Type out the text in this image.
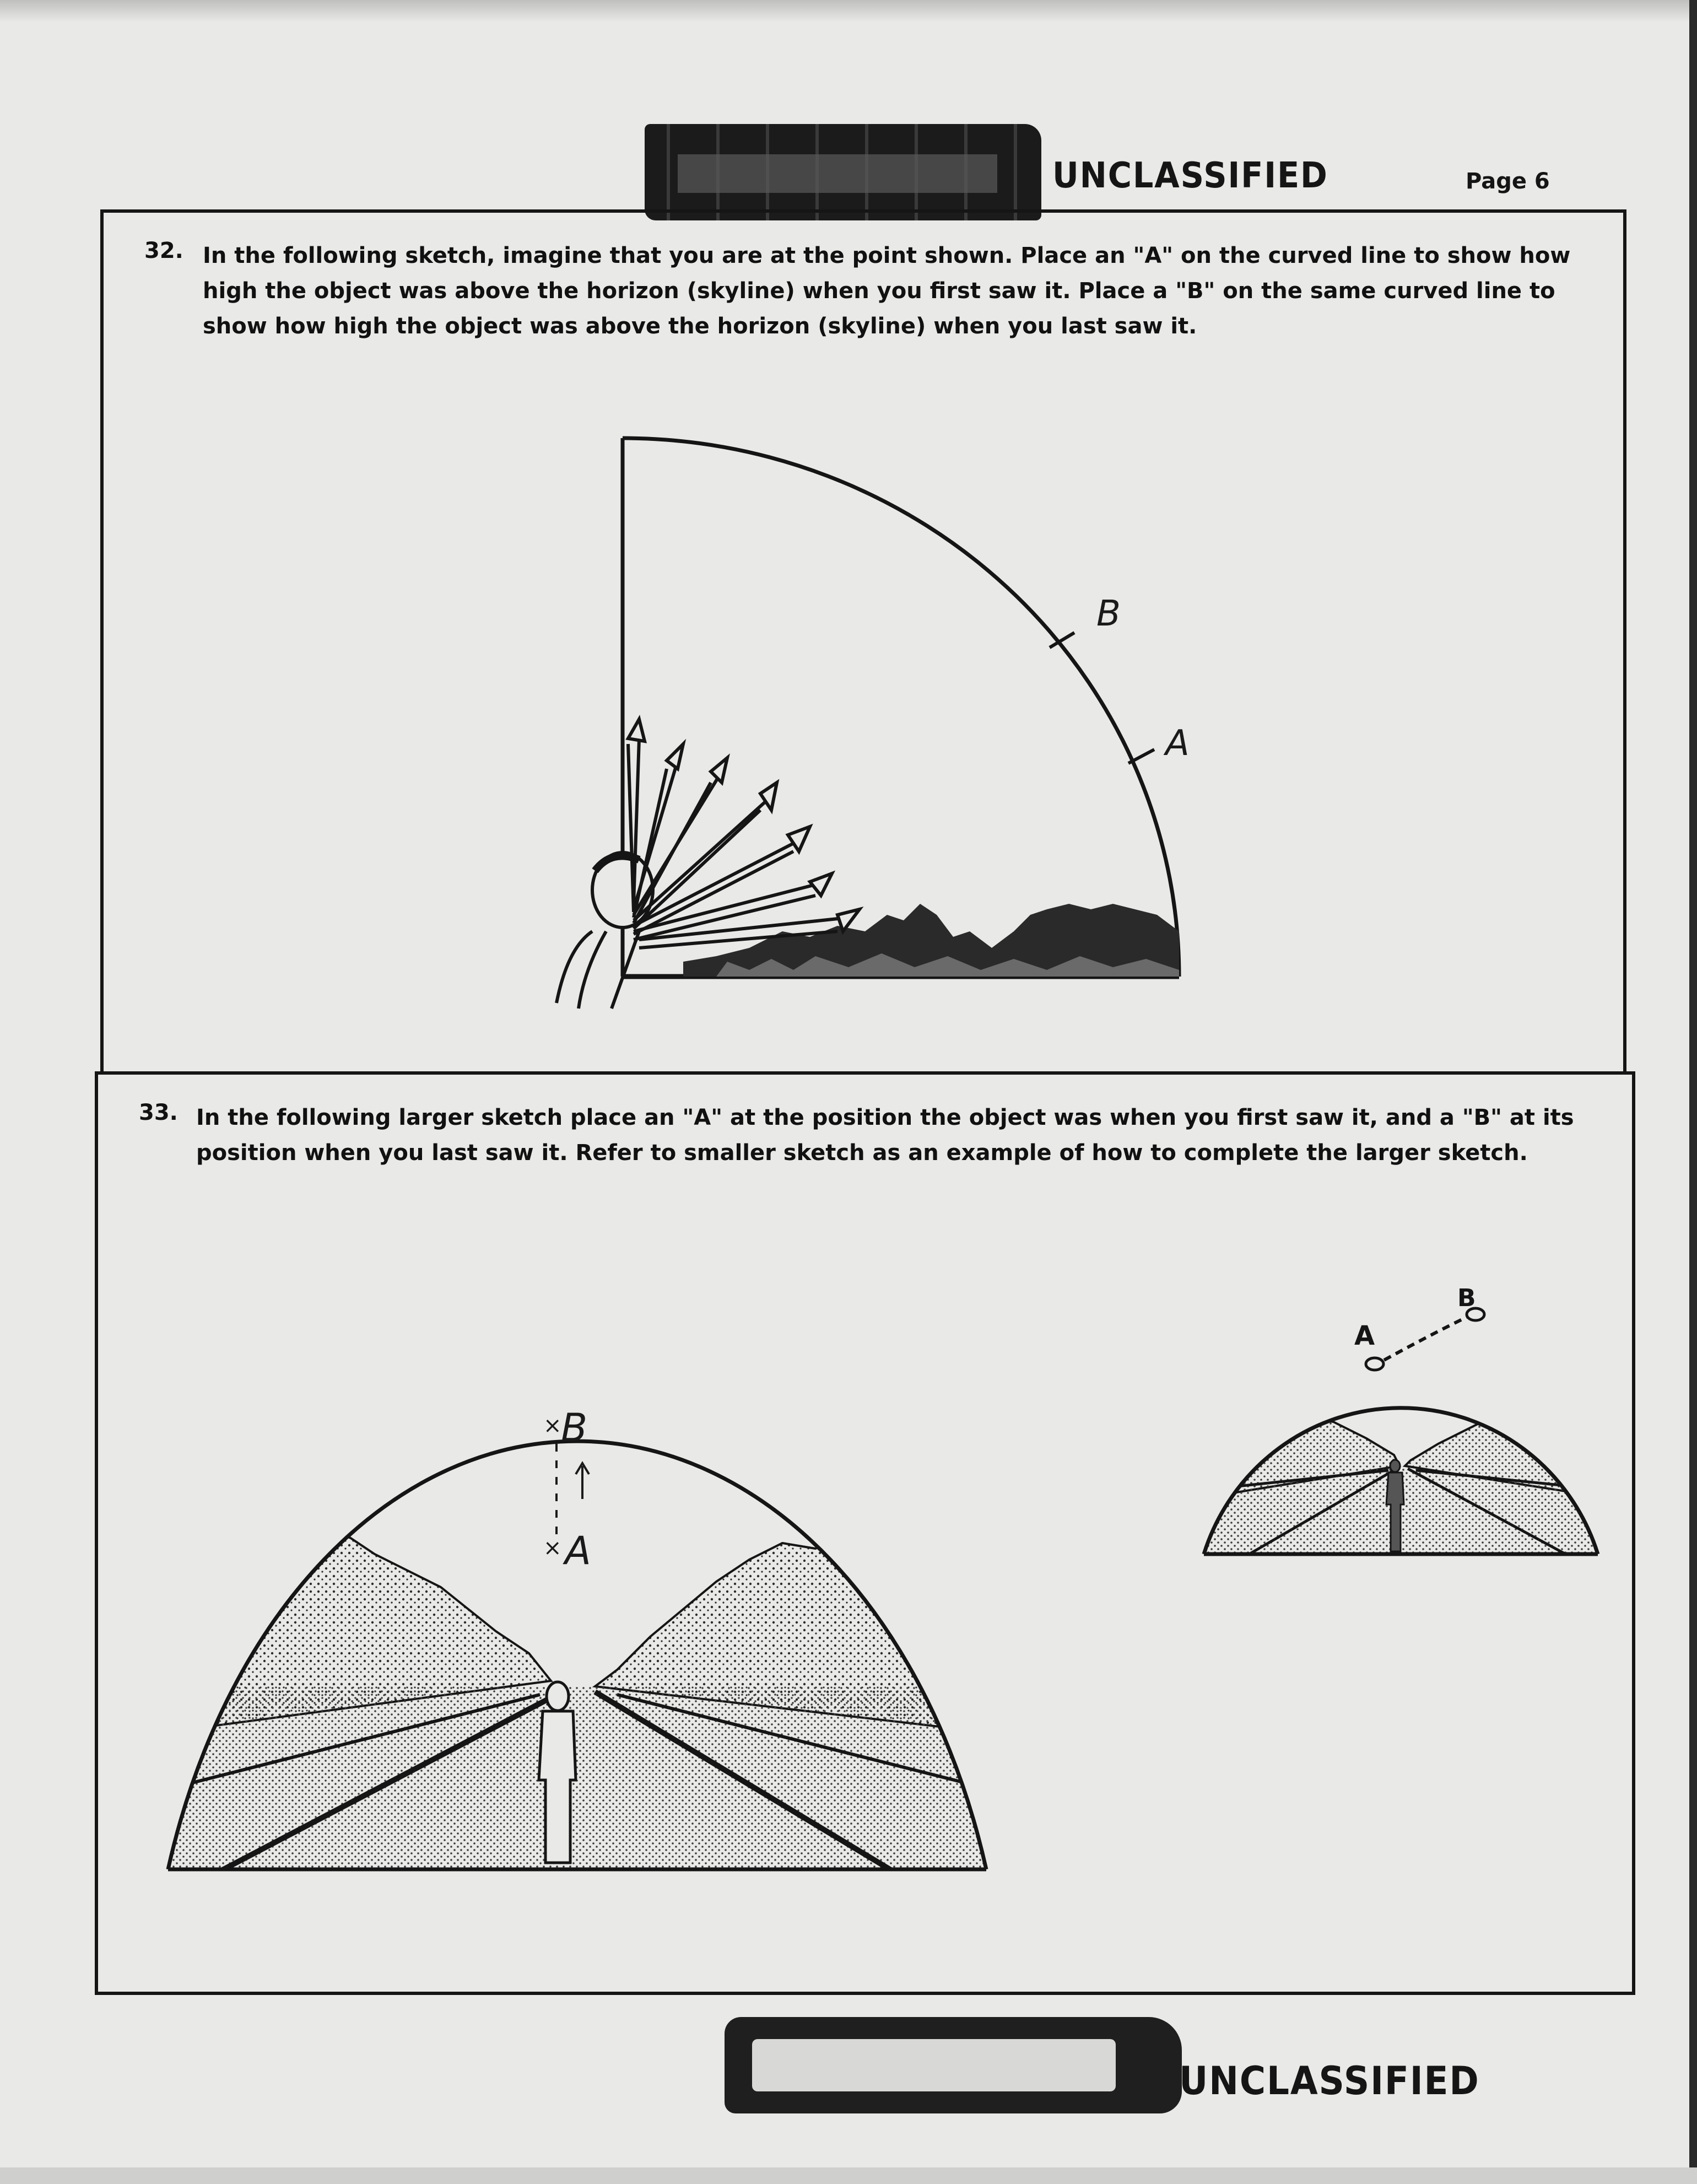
UNCLASSIFIED	Page 6
32. In the following sketch, imagine that you are at the point shown. Place an "A" on the curved line to show how high the object was above the horizon (skyline) when you first saw it. Place a "B" on the same curved line to show how high the object was above the horizon (skyline) when you last saw it.
B
A
33. In the following larger sketch place an "A" at the position the object was when you first saw it, and a "B" at its position when you last saw it. Refer to smaller sketch as an example of how to complete the larger sketch.
B
A
×
×
A
B
UNCLASSIFIED
